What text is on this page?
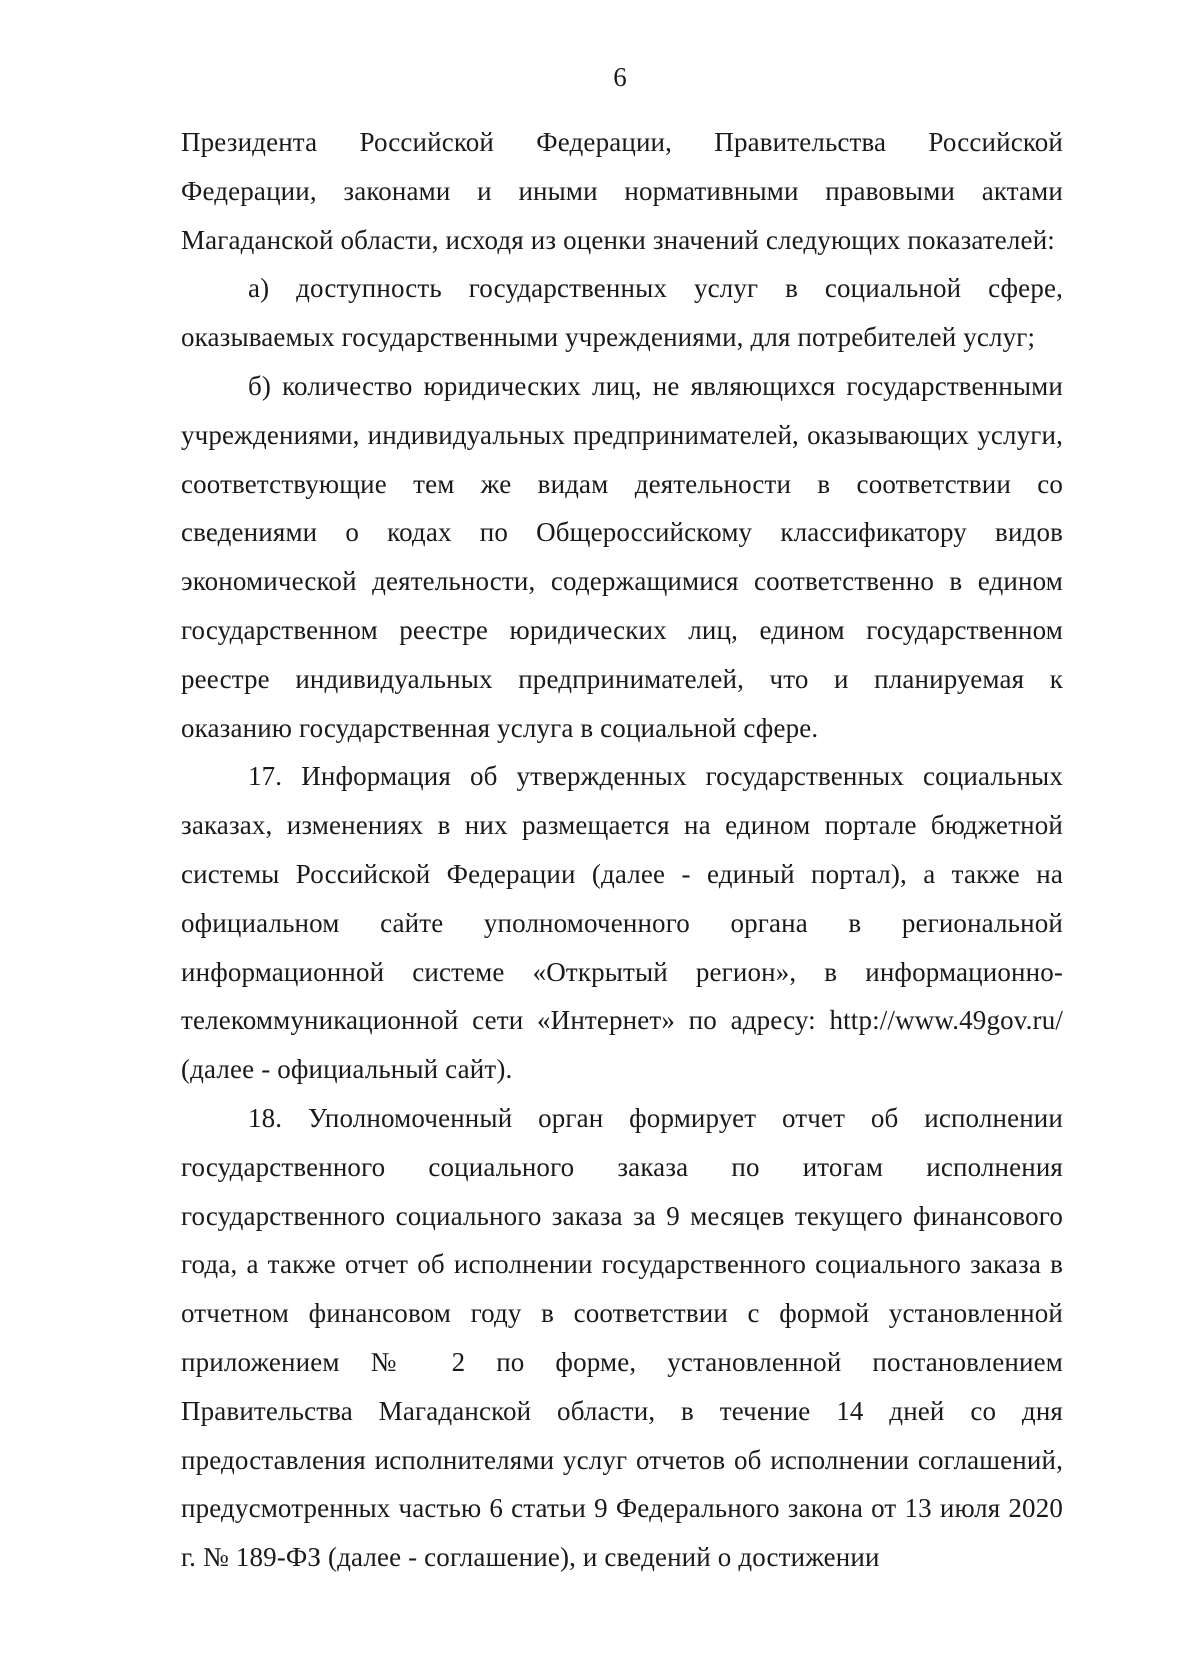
6

Президента Российской Федерации, Правительства Российской Федерации, законами и иными нормативными правовыми актами Магаданской области, исходя из оценки значений следующих показателей:

а) доступность государственных услуг в социальной сфере, оказываемых государственными учреждениями, для потребителей услуг;

б) количество юридических лиц, не являющихся государственными учреждениями, индивидуальных предпринимателей, оказывающих услуги, соответствующие тем же видам деятельности в соответствии со сведениями о кодах по Общероссийскому классификатору видов экономической деятельности, содержащимися соответственно в едином государственном реестре юридических лиц, едином государственном реестре индивидуальных предпринимателей, что и планируемая к оказанию государственная услуга в социальной сфере.

17. Информация об утвержденных государственных социальных заказах, изменениях в них размещается на едином портале бюджетной системы Российской Федерации (далее - единый портал), а также на официальном сайте уполномоченного органа в региональной информационной системе «Открытый регион», в информационно-телекоммуникационной сети «Интернет» по адресу: http://www.49gov.ru/ (далее - официальный сайт).

18. Уполномоченный орган формирует отчет об исполнении государственного социального заказа по итогам исполнения государственного социального заказа за 9 месяцев текущего финансового года, а также отчет об исполнении государственного социального заказа в отчетном финансовом году в соответствии с формой установленной приложением № 2 по форме, установленной постановлением Правительства Магаданской области, в течение 14 дней со дня предоставления исполнителями услуг отчетов об исполнении соглашений, предусмотренных частью 6 статьи 9 Федерального закона от 13 июля 2020 г. № 189-ФЗ (далее - соглашение), и сведений о достижении
